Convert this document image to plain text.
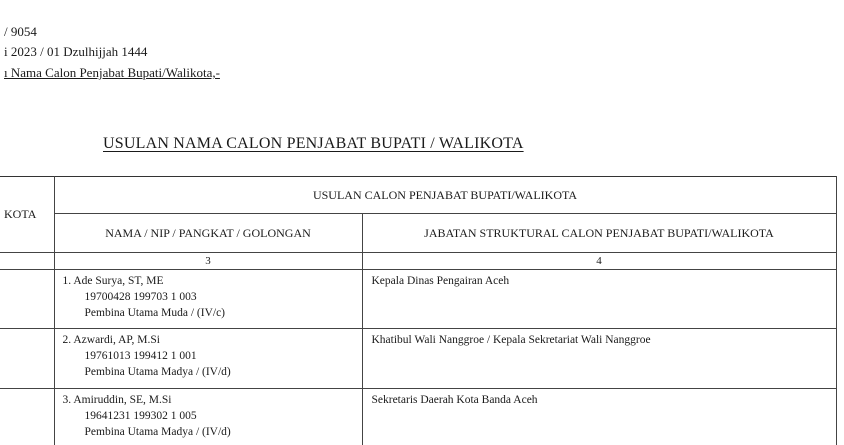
/ 9054
i 2023 / 01 Dzulhijjah 1444
ı Nama Calon Penjabat Bupati/Walikota,-
USULAN NAMA CALON PENJABAT BUPATI / WALIKOTA
KOTA	USULAN CALON PENJABAT BUPATI/WALIKOTA	
	NAMA / NIP / PANGKAT / GOLONGAN	JABATAN STRUKTURAL CALON PENJABAT BUPATI/WALIKOTA
	3	4

	1. Ade Surya, ST, ME
19700428 199703 1 003
Pembina Utama Muda / (IV/c)	Kepala Dinas Pengairan Aceh

	2. Azwardi, AP, M.Si
19761013 199412 1 001
Pembina Utama Madya / (IV/d)	Khatibul Wali Nanggroe / Kepala Sekretariat Wali Nanggroe

	3. Amiruddin, SE, M.Si
19641231 199302 1 005
Pembina Utama Madya / (IV/d)	Sekretaris Daerah Kota Banda Aceh
